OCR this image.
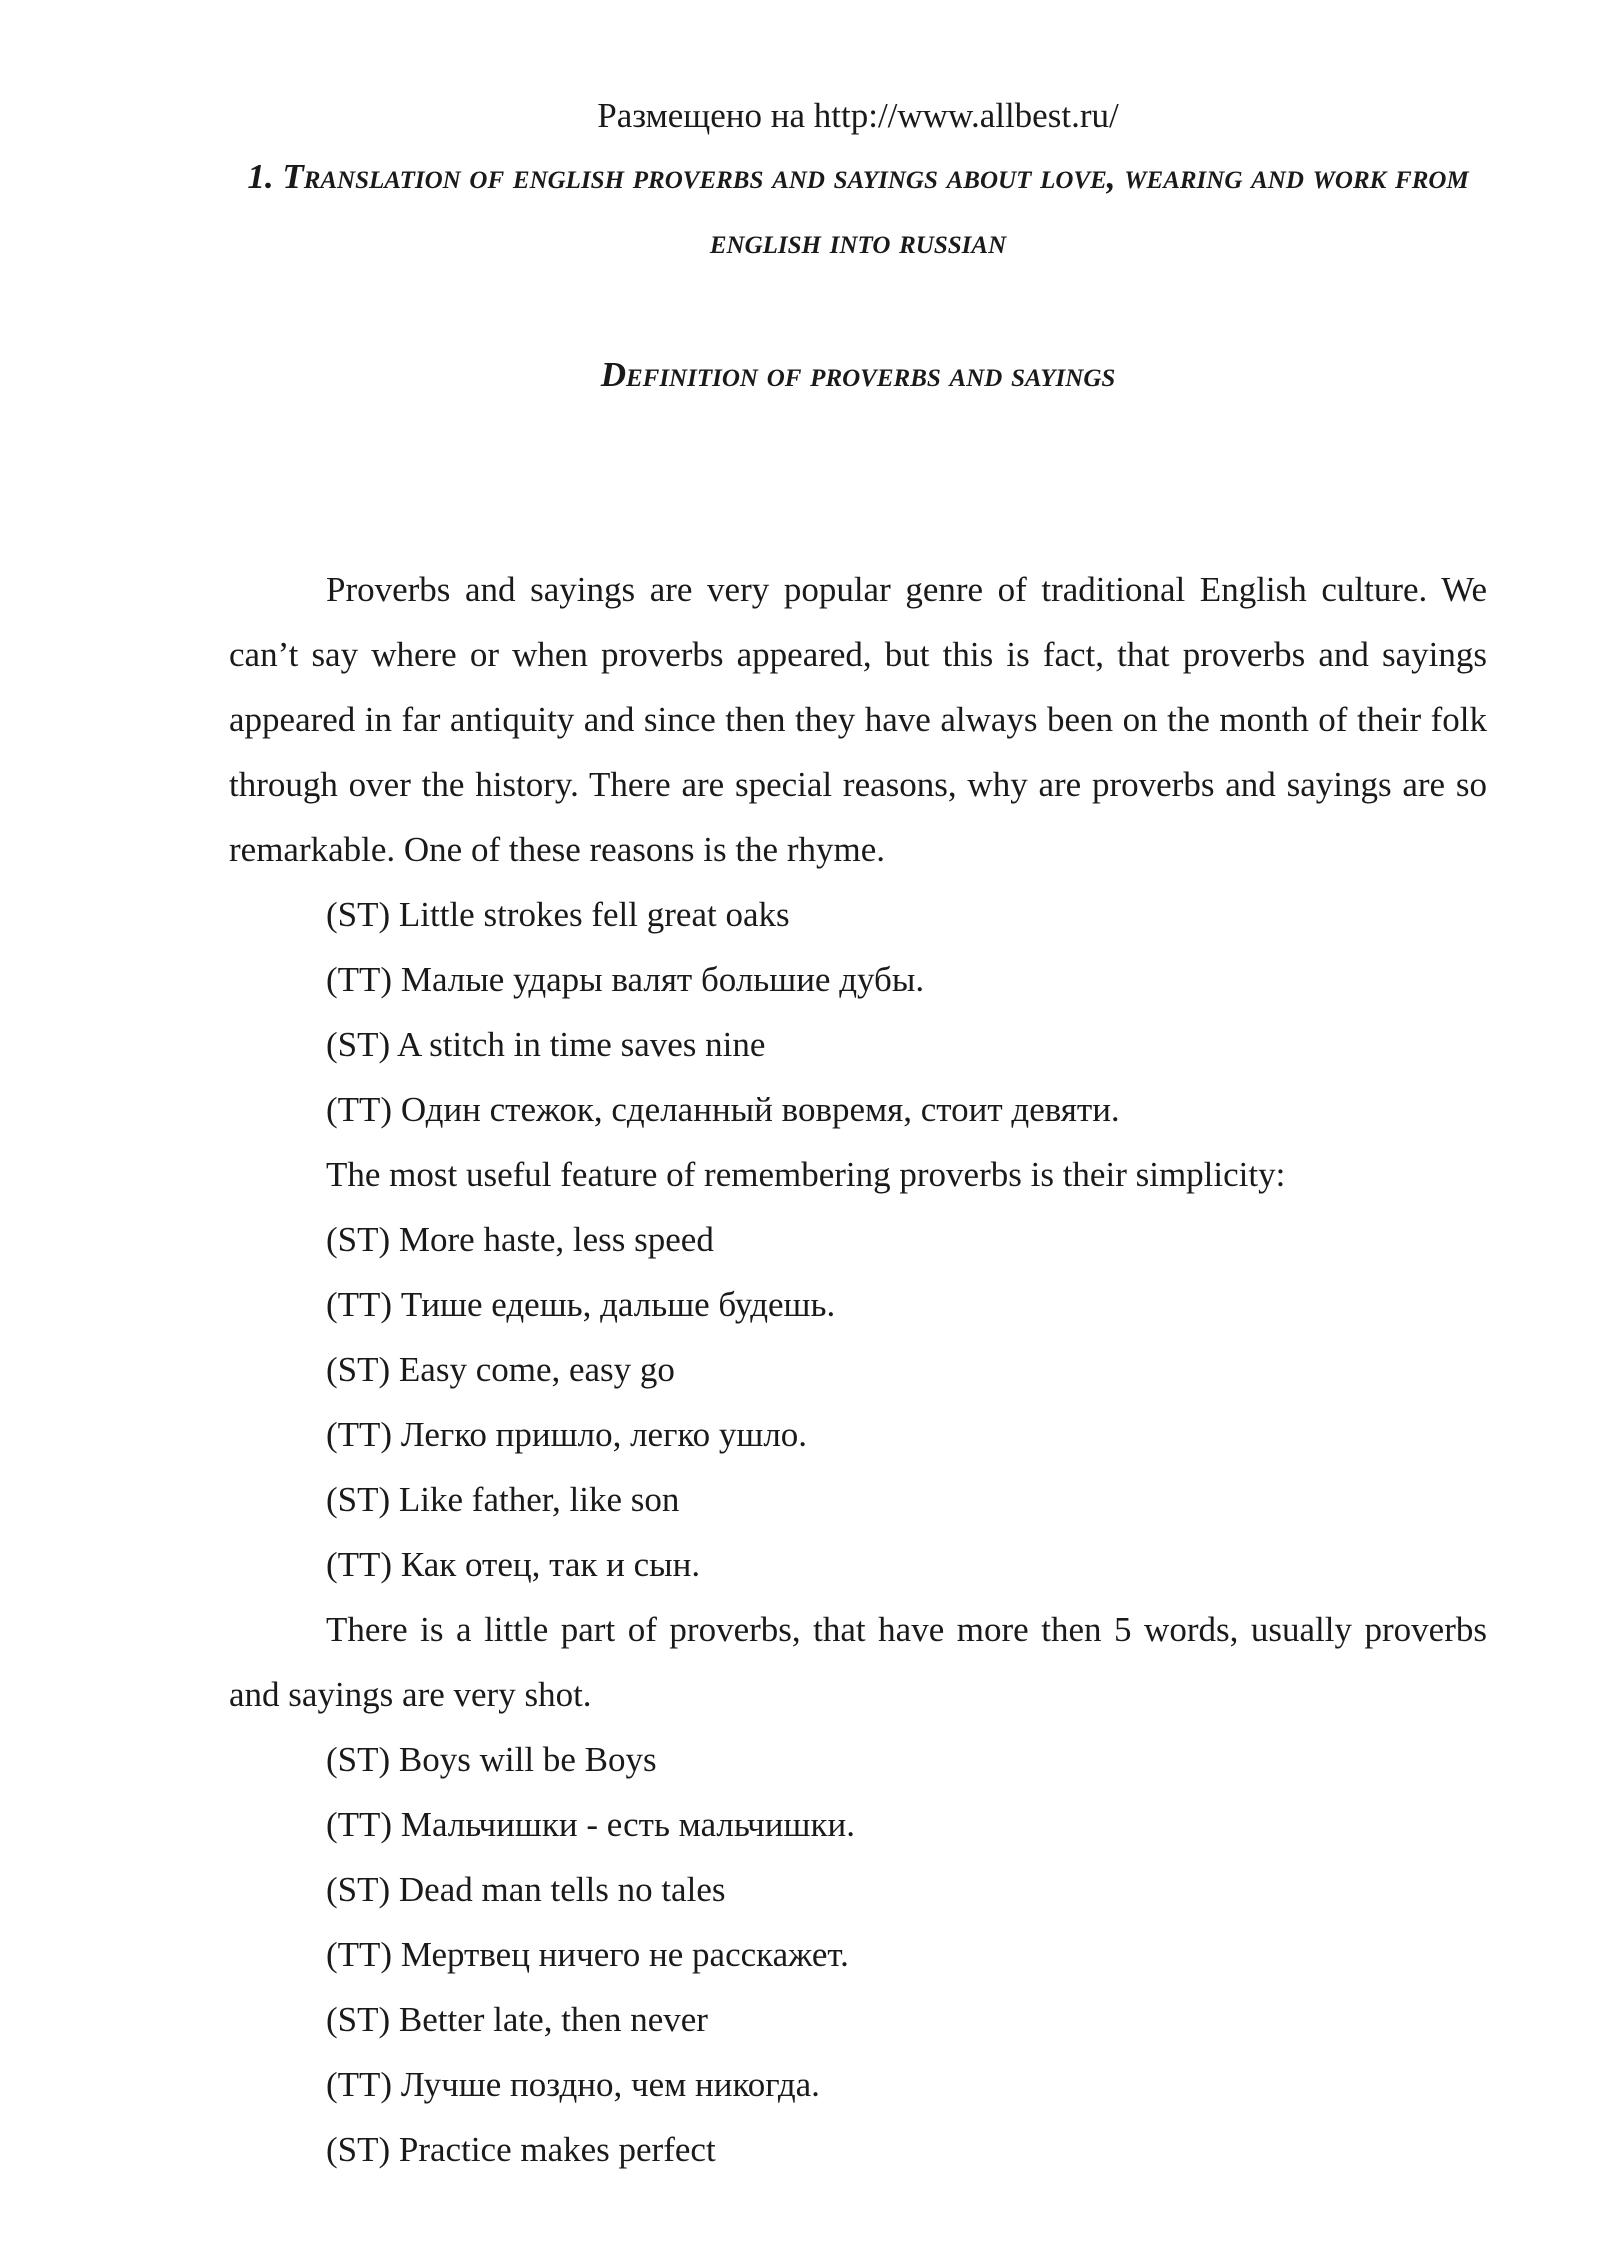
Размещено на http://www.allbest.ru/
1. Translation of english proverbs and sayings about love, wearing and work from english into russian
Definition of proverbs and sayings

Proverbs and sayings are very popular genre of traditional English culture. We can’t say where or when proverbs appeared, but this is fact, that proverbs and sayings appeared in far antiquity and since then they have always been on the month of their folk through over the history. There are special reasons, why are proverbs and sayings are so remarkable. One of these reasons is the rhyme.

(ST) Little strokes fell great oaks

(TT) Малые удары валят большие дубы.

(ST) A stitch in time saves nine

(TT) Один стежок, сделанный вовремя, стоит девяти.

The most useful feature of remembering proverbs is their simplicity:

(ST) More haste, less speed

(TT) Тише едешь, дальше будешь.

(ST) Easy come, easy go

(TT) Легко пришло, легко ушло.

(ST) Like father, like son

(TT) Как отец, так и сын.

There is a little part of proverbs, that have more then 5 words, usually proverbs and sayings are very shot.

(ST) Boys will be Boys

(TT) Мальчишки - есть мальчишки.

(ST) Dead man tells no tales

(TT) Мертвец ничего не расскажет.

(ST) Better late, then never

(TT) Лучше поздно, чем никогда.

(ST) Practice makes perfect
